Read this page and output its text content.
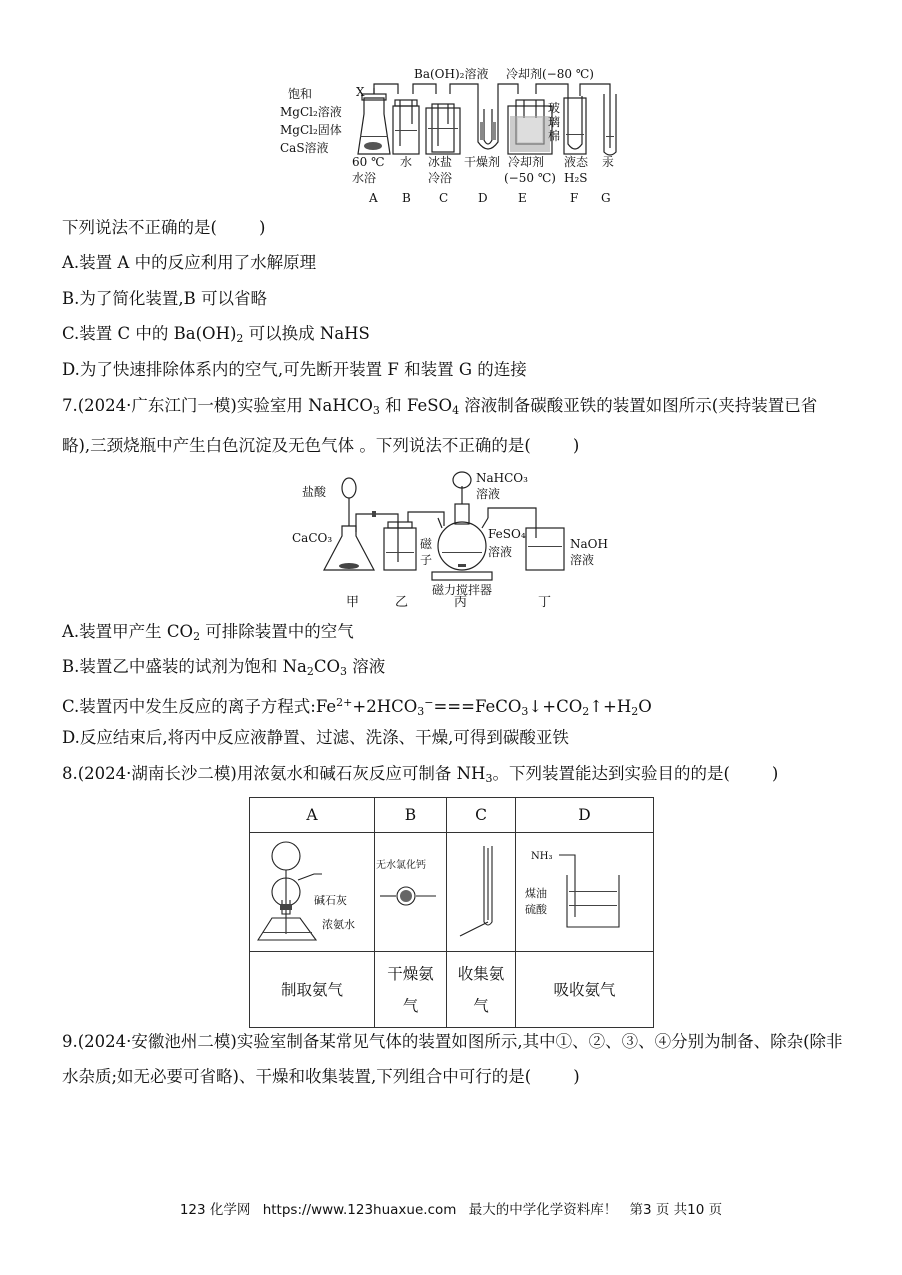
X
饱和
MgCl₂溶液
MgCl₂固体
CaS溶液
Ba(OH)₂溶液 冷却剂(−80 ℃)
玻
璃
棉
60 ℃
水浴
水 冰盐
冷浴
干燥剂 冷却剂
(−50 ℃)
液态
H₂S
汞
A B C D	E	F G
下列说法不正确的是(	)
A.装置 A 中的反应利用了水解原理
B.为了简化装置,B 可以省略
C.装置 C 中的 $Ba(OH)_2$ 可以换成 NaHS
D.为了快速排除体系内的空气,可先断开装置 F 和装置 G 的连接
7.(2024·广东江门一模)实验室用 NaHCO$_3$ 和 FeSO$_4$ 溶液制备碳酸亚铁的装置如图所示(夹持装置已省略),三颈烧瓶中产生白色沉淀及无色气体 。下列说法不正确的是(	)
盐酸
CaCO₃
NaHCO₃
溶液
FeSO₄
溶液
磁
子
磁力搅拌器
NaOH
溶液
甲	乙	丙	丁
A.装置甲产生 $CO_2$ 可排除装置中的空气
B.装置乙中盛装的试剂为饱和 $Na_2CO_3$ 溶液
C.装置丙中发生反应的离子方程式$:Fe^{2+}+2HCO_3^-===FeCO_3↓+CO_2↑+H_2O$
D.反应结束后,将丙中反应液静置、过滤、洗涤、干燥,可得到碳酸亚铁
8.(2024·湖南长沙二模)用浓氨水和碱石灰反应可制备 $NH_3$。下列装置能达到实验目的的是(	)
A	B	C	D

碱石灰
浓氨水	无水氯化钙		NH₃
煤油
硫酸

制取氨气	干燥氨气	收集氨气	吸收氨气
9.(2024·安徽池州二模)实验室制备某常见气体的装置如图所示,其中①、②、③、④分别为制备、除杂(除非水杂质;如无必要可省略)、干燥和收集装置,下列组合中可行的是(	)
123 化学网 https://www.123huaxue.com 最大的中学化学资料库！ 第3 页 共10 页
